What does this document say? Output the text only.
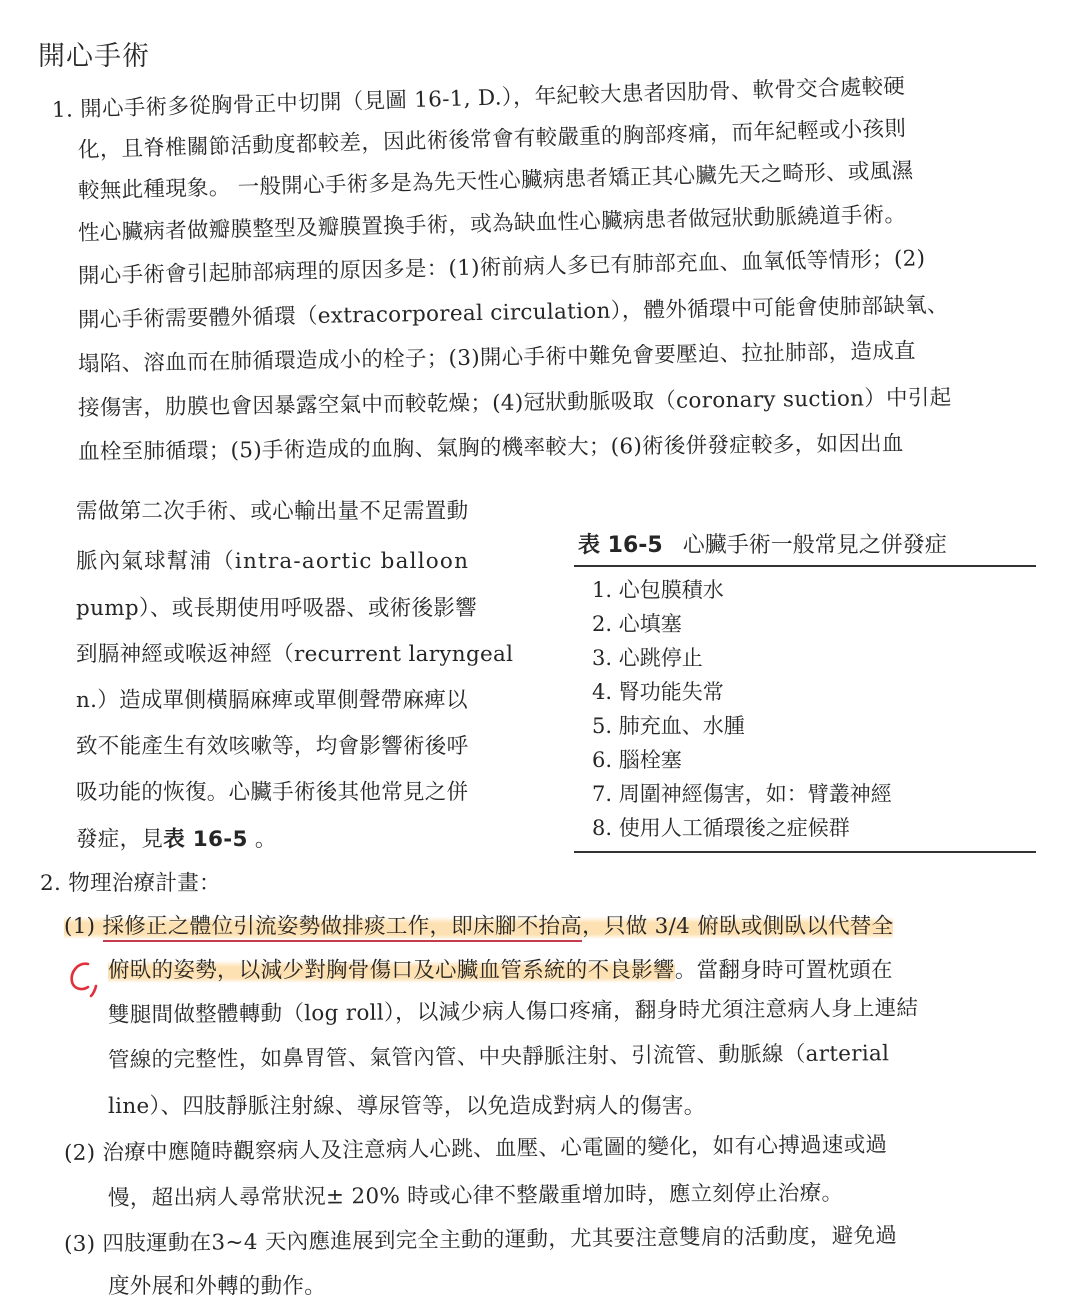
開心手術

1. 開心手術多從胸骨正中切開（見圖 16-1, D.），年紀較大患者因肋骨、軟骨交合處較硬

化，且脊椎關節活動度都較差，因此術後常會有較嚴重的胸部疼痛，而年紀輕或小孩則

較無此種現象。 一般開心手術多是為先天性心臟病患者矯正其心臟先天之畸形、或風濕

性心臟病者做瓣膜整型及瓣膜置換手術，或為缺血性心臟病患者做冠狀動脈繞道手術。

開心手術會引起肺部病理的原因多是：(1)術前病人多已有肺部充血、血氧低等情形；(2)

開心手術需要體外循環（extracorporeal circulation），體外循環中可能會使肺部缺氧、

塌陷、溶血而在肺循環造成小的栓子；(3)開心手術中難免會要壓迫、拉扯肺部，造成直

接傷害，肋膜也會因暴露空氣中而較乾燥；(4)冠狀動脈吸取（coronary suction）中引起

血栓至肺循環；(5)手術造成的血胸、氣胸的機率較大；(6)術後併發症較多，如因出血

需做第二次手術、或心輸出量不足需置動

脈內氣球幫浦（intra-aortic balloon

pump）、或長期使用呼吸器、或術後影響

到膈神經或喉返神經（recurrent laryngeal

n.）造成單側橫膈麻痺或單側聲帶麻痺以

致不能產生有效咳嗽等，均會影響術後呼

吸功能的恢復。心臟手術後其他常見之併

發症，見表 16-5 。

表 16-5 心臟手術一般常見之併發症

1. 心包膜積水
2. 心填塞
3. 心跳停止
4. 腎功能失常
5. 肺充血、水腫
6. 腦栓塞
7. 周圍神經傷害，如：臂叢神經
8. 使用人工循環後之症候群

2. 物理治療計畫：

(1) 採修正之體位引流姿勢做排痰工作，即床腳不抬高，只做 3/4 俯臥或側臥以代替全

俯臥的姿勢，以減少對胸骨傷口及心臟血管系統的不良影響。當翻身時可置枕頭在

雙腿間做整體轉動（log roll），以減少病人傷口疼痛，翻身時尤須注意病人身上連結

管線的完整性，如鼻胃管、氣管內管、中央靜脈注射、引流管、動脈線（arterial

line）、四肢靜脈注射線、導尿管等，以免造成對病人的傷害。

(2) 治療中應隨時觀察病人及注意病人心跳、血壓、心電圖的變化，如有心搏過速或過

慢，超出病人尋常狀況± 20% 時或心律不整嚴重增加時，應立刻停止治療。

(3) 四肢運動在3~4 天內應進展到完全主動的運動，尤其要注意雙肩的活動度，避免過

度外展和外轉的動作。
